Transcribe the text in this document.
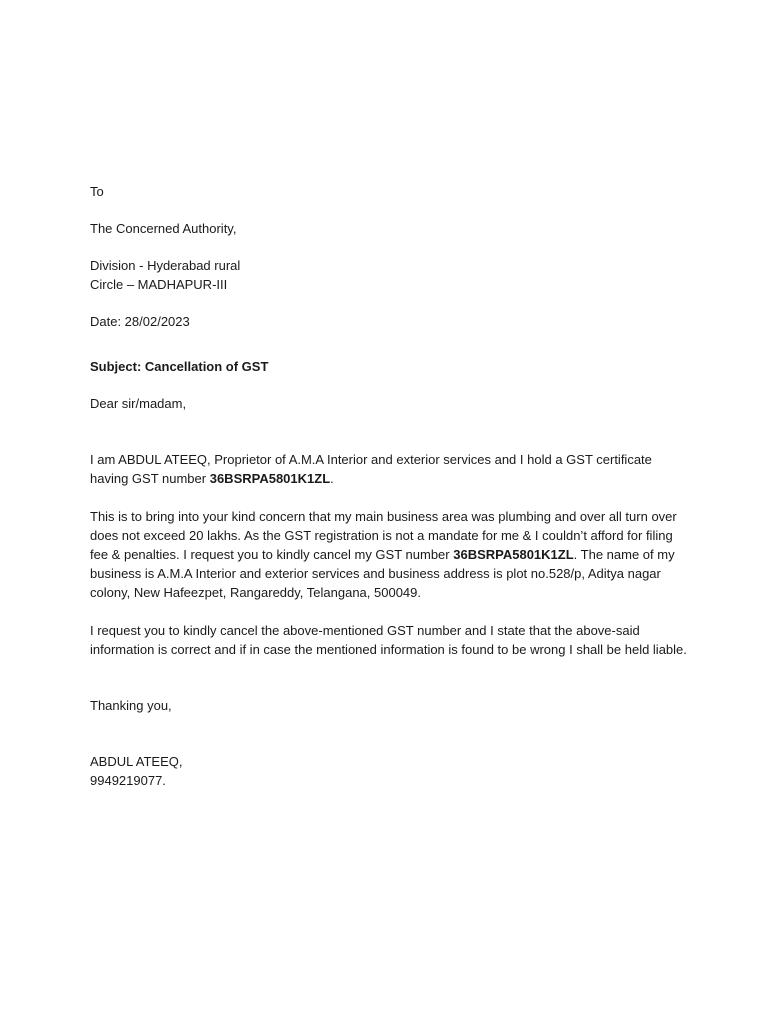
To
The Concerned Authority,
Division - Hyderabad rural
Circle – MADHAPUR-III
Date: 28/02/2023
Subject: Cancellation of GST
Dear sir/madam,
I am ABDUL ATEEQ, Proprietor of A.M.A Interior and exterior services and I hold a GST certificate having GST number 36BSRPA5801K1ZL.
This is to bring into your kind concern that my main business area was plumbing and over all turn over does not exceed 20 lakhs. As the GST registration is not a mandate for me & I couldn’t afford for filing fee & penalties. I request you to kindly cancel my GST number 36BSRPA5801K1ZL. The name of my business is A.M.A Interior and exterior services and business address is plot no.528/p, Aditya nagar colony, New Hafeezpet, Rangareddy, Telangana, 500049.
I request you to kindly cancel the above-mentioned GST number and I state that the above-said information is correct and if in case the mentioned information is found to be wrong I shall be held liable.
Thanking you,
ABDUL ATEEQ,
9949219077.
